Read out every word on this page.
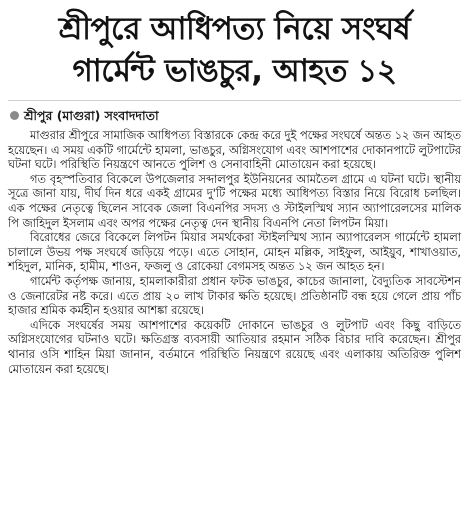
শ্রীপুরে আধিপত্য নিয়ে সংঘর্ষ
গার্মেন্ট ভাঙচুর, আহত ১২
শ্রীপুর (মাগুরা) সংবাদদাতা

মাগুরার শ্রীপুরে সামাজিক আধিপত্য বিস্তারকে কেন্দ্র করে দুই পক্ষের সংঘর্ষে অন্তত ১২ জন আহত হয়েছেন। এ সময় একটি গার্মেন্টে হামলা, ভাঙচুর, অগ্নিসংযোগ এবং আশপাশের দোকানপাটে লুটপাটের ঘটনা ঘটে। পরিস্থিতি নিয়ন্ত্রণে আনতে পুলিশ ও সেনাবাহিনী মোতায়েন করা হয়েছে।

গত বৃহস্পতিবার বিকেলে উপজেলার সব্দালপুর ইউনিয়নের আমতৈল গ্রামে এ ঘটনা ঘটে। স্থানীয় সূত্রে জানা যায়, দীর্ঘ দিন ধরে একই গ্রামের দু'টি পক্ষের মধ্যে আধিপত্য বিস্তার নিয়ে বিরোধ চলছিল। এক পক্ষের নেতৃত্বে ছিলেন সাবেক জেলা বিএনপির সদস্য ও স্টাইলস্মিথ স্যান অ্যাপারেলসের মালিক পি জাহিদুল ইসলাম এবং অপর পক্ষের নেতৃত্ব দেন স্থানীয় বিএনপি নেতা লিপটন মিয়া।

বিরোধের জেরে বিকেলে লিপটন মিয়ার সমর্থকেরা স্টাইলস্মিথ স্যান অ্যাপারেলস গার্মেন্টে হামলা চালালে উভয় পক্ষ সংঘর্ষে জড়িয়ে পড়ে। এতে সোহান, মোহন মল্লিক, সাইফুল, আইয়ুব, শাখাওয়াত, শহিদুল, মানিক, হামীম, শাওন, ফজলু ও রোকেয়া বেগমসহ অন্তত ১২ জন আহত হন।

গার্মেন্ট কর্তৃপক্ষ জানায়, হামলাকারীরা প্রধান ফটক ভাঙচুর, কাচের জানালা, বৈদ্যুতিক সাবস্টেশন ও জেনারেটর নষ্ট করে। এতে প্রায় ২০ লাখ টাকার ক্ষতি হয়েছে। প্রতিষ্ঠানটি বন্ধ হয়ে গেলে প্রায় পাঁচ হাজার শ্রমিক কর্মহীন হওয়ার আশঙ্কা রয়েছে।

এদিকে সংঘর্ষের সময় আশপাশের কয়েকটি দোকানে ভাঙচুর ও লুটপাট এবং কিছু বাড়িতে অগ্নিসংযোগের ঘটনাও ঘটে। ক্ষতিগ্রস্ত ব্যবসায়ী আতিয়ার রহমান সঠিক বিচার দাবি করেছেন। শ্রীপুর থানার ওসি শাহিন মিয়া জানান, বর্তমানে পরিস্থিতি নিয়ন্ত্রণে রয়েছে এবং এলাকায় অতিরিক্ত পুলিশ মোতায়েন করা হয়েছে।
